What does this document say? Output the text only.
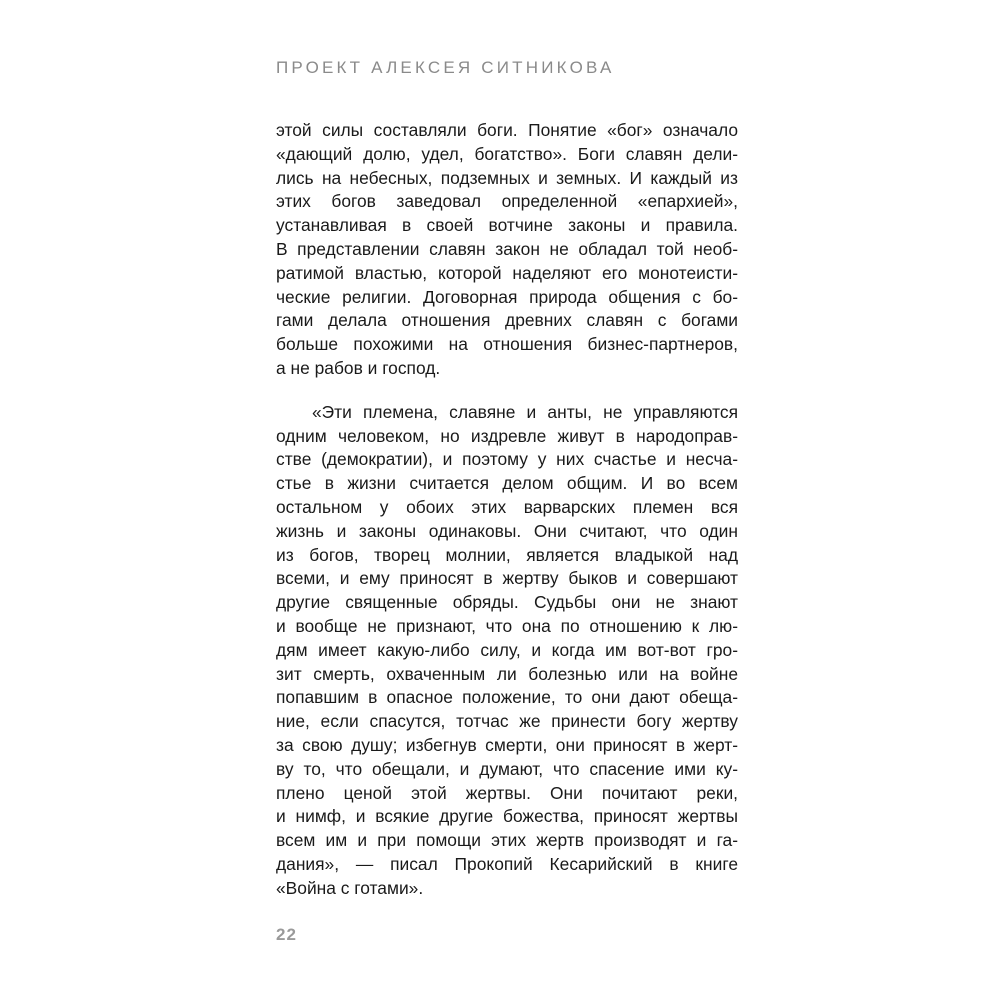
ПРОЕКТ АЛЕКСЕЯ СИТНИКОВА

этой силы составляли боги. Понятие «бог» означало
«дающий долю, удел, богатство». Боги славян дели-
лись на небесных, подземных и земных. И каждый из
этих богов заведовал определенной «епархией»,
устанавливая в своей вотчине законы и правила.
В представлении славян закон не обладал той необ-
ратимой властью, которой наделяют его монотеисти-
ческие религии. Договорная природа общения с бо-
гами делала отношения древних славян с богами
больше похожими на отношения бизнес-партнеров,
а не рабов и господ.

«Эти племена, славяне и анты, не управляются
одним человеком, но издревле живут в народоправ-
стве (демократии), и поэтому у них счастье и несча-
стье в жизни считается делом общим. И во всем
остальном у обоих этих варварских племен вся
жизнь и законы одинаковы. Они считают, что один
из богов, творец молнии, является владыкой над
всеми, и ему приносят в жертву быков и совершают
другие священные обряды. Судьбы они не знают
и вообще не признают, что она по отношению к лю-
дям имеет какую-либо силу, и когда им вот-вот гро-
зит смерть, охваченным ли болезнью или на войне
попавшим в опасное положение, то они дают обеща-
ние, если спасутся, тотчас же принести богу жертву
за свою душу; избегнув смерти, они приносят в жерт-
ву то, что обещали, и думают, что спасение ими ку-
плено ценой этой жертвы. Они почитают реки,
и нимф, и всякие другие божества, приносят жертвы
всем им и при помощи этих жертв производят и га-
дания», — писал Прокопий Кесарийский в книге
«Война с готами».

22
